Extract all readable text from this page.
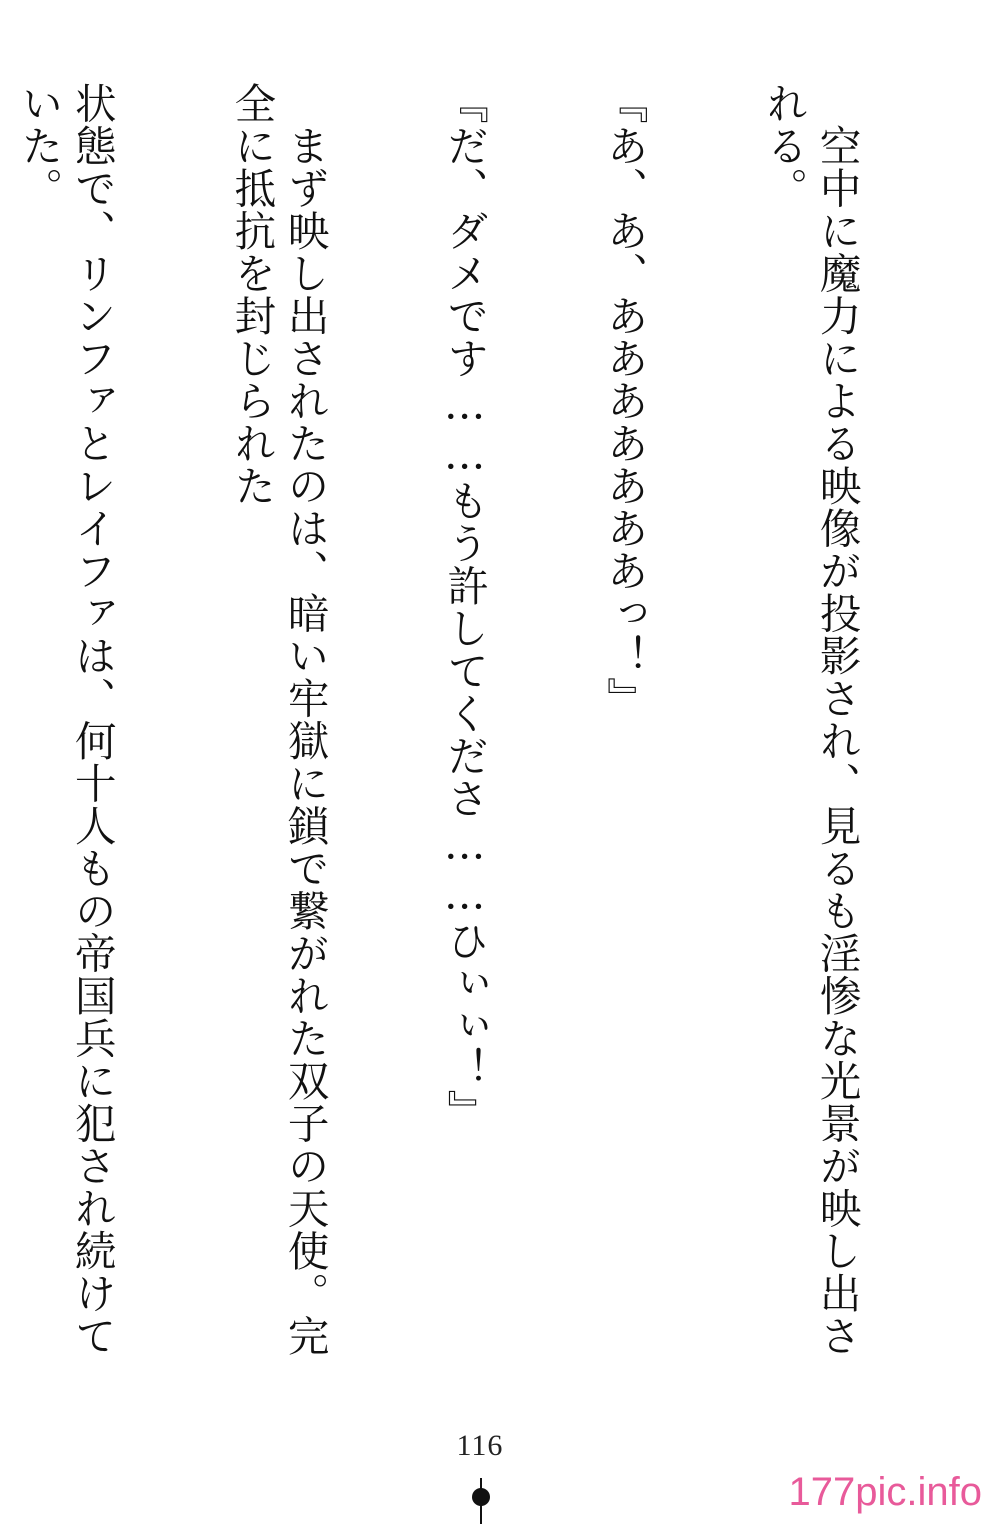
　空中に魔力による映像が投影され、見るも淫惨な光景が映し出される。

『あ、あ、あああああああっ！』

『だ、ダメです……もう許してくださ……ひぃぃ！』

　まず映し出されたのは、暗い牢獄に鎖で繋がれた双子の天使。完全に抵抗を封じられた

状態で、リンファとレイファは、何十人もの帝国兵に犯され続けていた。

116
177pic.info
